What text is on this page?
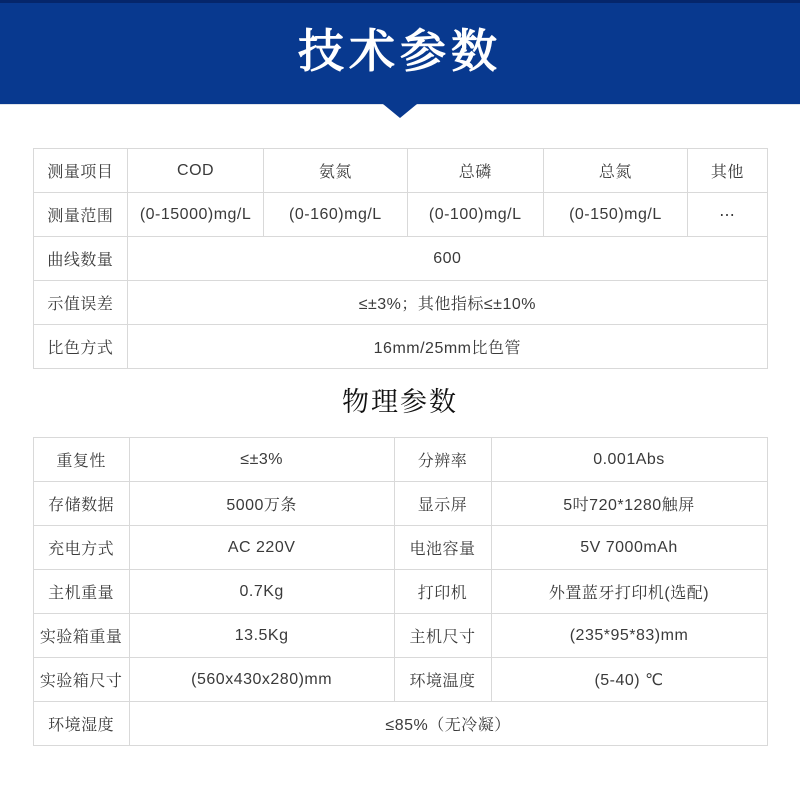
技术参数
测量项目	COD	氨氮	总磷	总氮	其他
测量范围	(0-15000)mg/L	(0-160)mg/L	(0-100)mg/L	(0-150)mg/L	⋯
曲线数量	600				
示值误差	≤±3%；其他指标≤±10%				
比色方式	16mm/25mm比色管				
物理参数
重复性	≤±3%	分辨率	0.001Abs
存储数据	5000万条	显示屏	5吋720*1280触屏
充电方式	AC 220V	电池容量	5V 7000mAh
主机重量	0.7Kg	打印机	外置蓝牙打印机(选配)
实验箱重量	13.5Kg	主机尺寸	(235*95*83)mm
实验箱尺寸	(560x430x280)mm	环境温度	(5-40) ℃
环境湿度	≤85%（无冷凝）		
